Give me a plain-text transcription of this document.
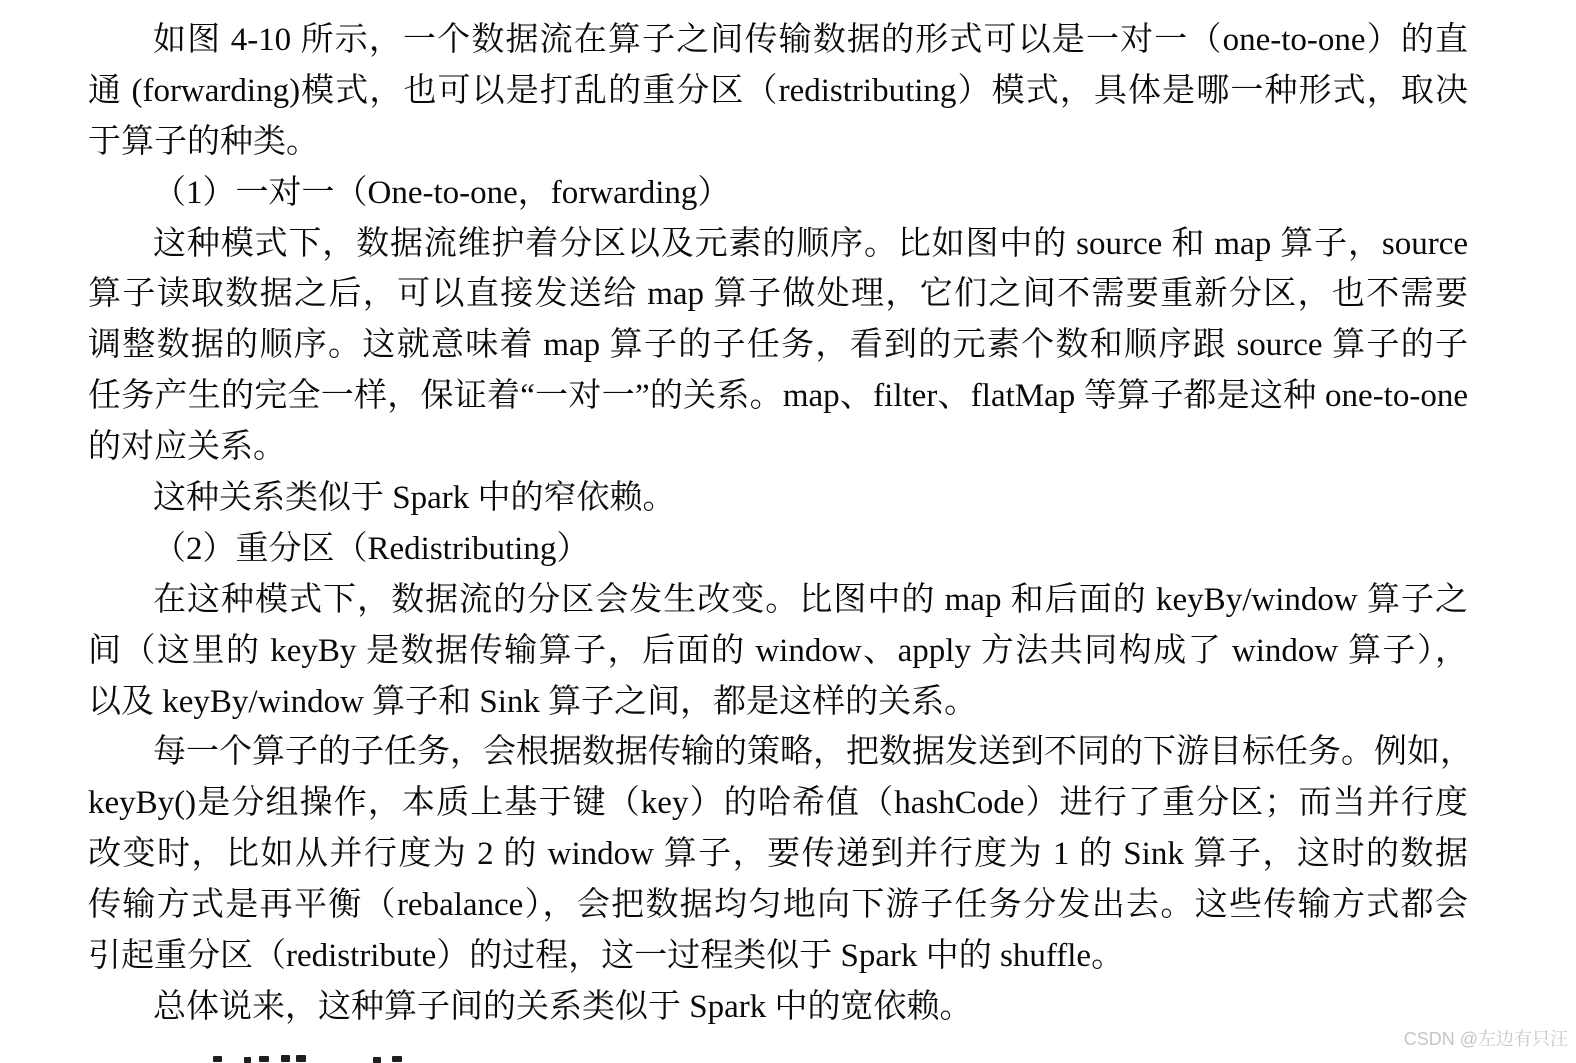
如图 4-10 所示，一个数据流在算子之间传输数据的形式可以是一对一（one-to-one）的直
通 (forwarding)模式，也可以是打乱的重分区（redistributing）模式，具体是哪一种形式，取决
于算子的种类。
（1）一对一（One-to-one，forwarding）
这种模式下，数据流维护着分区以及元素的顺序。比如图中的 source 和 map 算子，source
算子读取数据之后，可以直接发送给 map 算子做处理，它们之间不需要重新分区，也不需要
调整数据的顺序。这就意味着 map 算子的子任务，看到的元素个数和顺序跟 source 算子的子
任务产生的完全一样，保证着“一对一”的关系。map、filter、flatMap 等算子都是这种 one-to-one
的对应关系。
这种关系类似于 Spark 中的窄依赖。
（2）重分区（Redistributing）
在这种模式下，数据流的分区会发生改变。比图中的 map 和后面的 keyBy/window 算子之
间（这里的 keyBy 是数据传输算子，后面的 window、apply 方法共同构成了 window 算子），
以及 keyBy/window 算子和 Sink 算子之间，都是这样的关系。
每一个算子的子任务，会根据数据传输的策略，把数据发送到不同的下游目标任务。例如，
keyBy()是分组操作，本质上基于键（key）的哈希值（hashCode）进行了重分区；而当并行度
改变时，比如从并行度为 2 的 window 算子，要传递到并行度为 1 的 Sink 算子，这时的数据
传输方式是再平衡（rebalance），会把数据均匀地向下游子任务分发出去。这些传输方式都会
引起重分区（redistribute）的过程，这一过程类似于 Spark 中的 shuffle。
总体说来，这种算子间的关系类似于 Spark 中的宽依赖。
CSDN @左边有只汪
